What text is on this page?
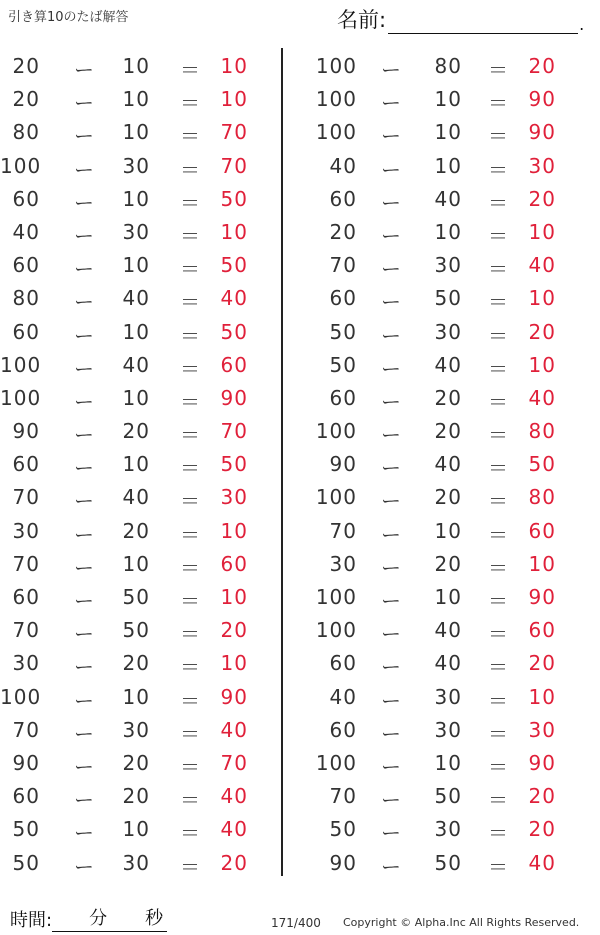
引き算10のたば解答	名前:	.
20 ー	10 ＝ 10
20 ー	10 ＝ 10
80 ー	10 ＝ 70
100 ー	30 ＝ 70
60 ー	10 ＝ 50
40 ー	30 ＝ 10
60 ー	10 ＝ 50
80 ー	40 ＝ 40
60 ー	10 ＝ 50
100 ー	40 ＝ 60
100 ー	10 ＝ 90
90 ー	20 ＝ 70
60 ー	10 ＝ 50
70 ー	40 ＝ 30
30 ー	20 ＝ 10
70 ー	10 ＝ 60
60 ー	50 ＝ 10
70 ー	50 ＝ 20
30 ー	20 ＝ 10
100 ー	10 ＝ 90
70 ー	30 ＝ 40
90 ー	20 ＝ 70
60 ー	20 ＝ 40
50 ー	10 ＝ 40
50 ー	30 ＝ 20
100 ー	80 ＝ 20
100 ー	10 ＝ 90
100 ー	10 ＝ 90
40 ー	10 ＝ 30
60 ー	40 ＝ 20
20 ー	10 ＝ 10
70 ー	30 ＝ 40
60 ー	50 ＝ 10
50 ー	30 ＝ 20
50 ー	40 ＝ 10
60 ー	20 ＝ 40
100 ー	20 ＝ 80
90 ー	40 ＝ 50
100 ー	20 ＝ 80
70 ー	10 ＝ 60
30 ー	20 ＝ 10
100 ー	10 ＝ 90
100 ー	40 ＝ 60
60 ー	40 ＝ 20
40 ー	30 ＝ 10
60 ー	30 ＝ 30
100 ー	10 ＝ 90
70 ー	50 ＝ 20
50 ー	30 ＝ 20
90 ー	50 ＝ 40
時間: 分 秒	171/400 Copyright © Alpha.Inc All Rights Reserved.
